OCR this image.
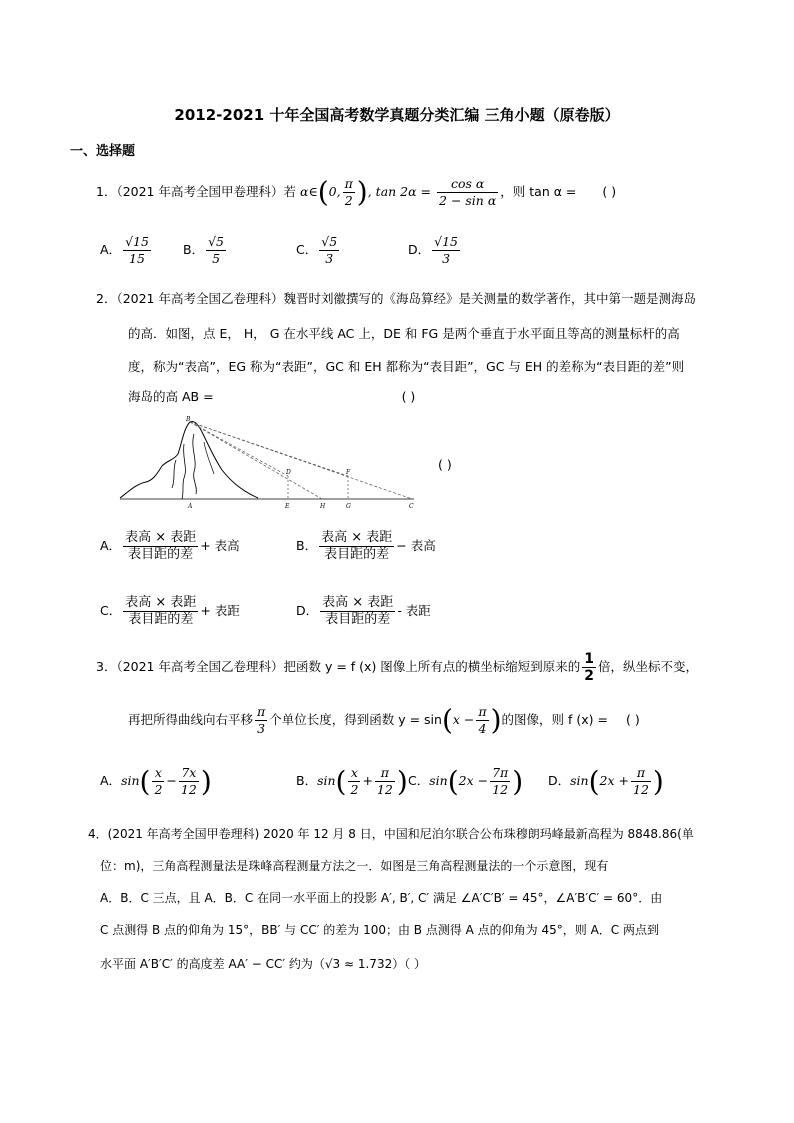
2012-2021 十年全国高考数学真题分类汇编 三角小题（原卷版）
一、选择题
1．（2021 年高考全国甲卷理科）若 α∈(0, $\frac{\pi}{2}$ ), $\tan 2\alpha = \frac{\text{cos α}}{\text{2 − sin α}}$ ，则 tan α = ( )
A． $\frac{√15}{15}$	B． $\frac{√5}{5}$	C． $\frac{√5}{3}$	D． $\frac{√15}{3}$
2．（2021 年高考全国乙卷理科）魏晋时刘徽撰写的《海岛算经》是关测量的数学著作，其中第一题是测海岛
的高．如图，点 E， H， G 在水平线 AC 上，DE 和 FG 是两个垂直于水平面且等高的测量标杆的高
度，称为“表高”，EG 称为“表距”，GC 和 EH 都称为“表目距”，GC 与 EH 的差称为“表目距的差”则
海岛的高 AB =	( )
B
D	F
A	E	H	G	C
( )
A． $\frac{\text{表高 × 表距}}{\text{表目距的差}}$ + 表高	B． $\frac{\text{表高 × 表距}}{\text{表目距的差}}$ − 表高
C． $\frac{\text{表高 × 表距}}{\text{表目距的差}}$ + 表距	D． $\frac{\text{表高 × 表距}}{\text{表目距的差}}$ - 表距
3．（2021 年高考全国乙卷理科）把函数 y = f (x) 图像上所有点的横坐标缩短到原来的 $\frac{1}{2}$ 倍，纵坐标不变，
再把所得曲线向右平移 $\frac{\pi}{3}$ 个单位长度，得到函数 $y = \sin(x - \frac{\pi}{4}$ )的图像，则 f (x) = ( )
A．$\sin( \frac{x}{2} - \frac{7x}{12}$ )	B．$\sin( \frac{x}{2} + \frac{\pi}{12}$ ) C．$\sin(2x - \frac{7\pi}{12}$ ) D．$\sin(2x + \frac{\pi}{12}$ )
4．(2021 年高考全国甲卷理科) 2020 年 12 月 8 日，中国和尼泊尔联合公布珠穆朗玛峰最新高程为 8848.86(单
位：m)，三角高程测量法是珠峰高程测量方法之一．如图是三角高程测量法的一个示意图，现有
A．B．C 三点，且 A．B．C 在同一水平面上的投影 A′, B′, C′ 满足 ∠A′C′B′ = 45°，∠A′B′C′ = 60°．由
C 点测得 B 点的仰角为 15°，BB′ 与 CC′ 的差为 100；由 B 点测得 A 点的仰角为 45°，则 A．C 两点到
水平面 A′B′C′ 的高度差 AA′ − CC′ 约为（√3 ≈ 1.732）（ ）
